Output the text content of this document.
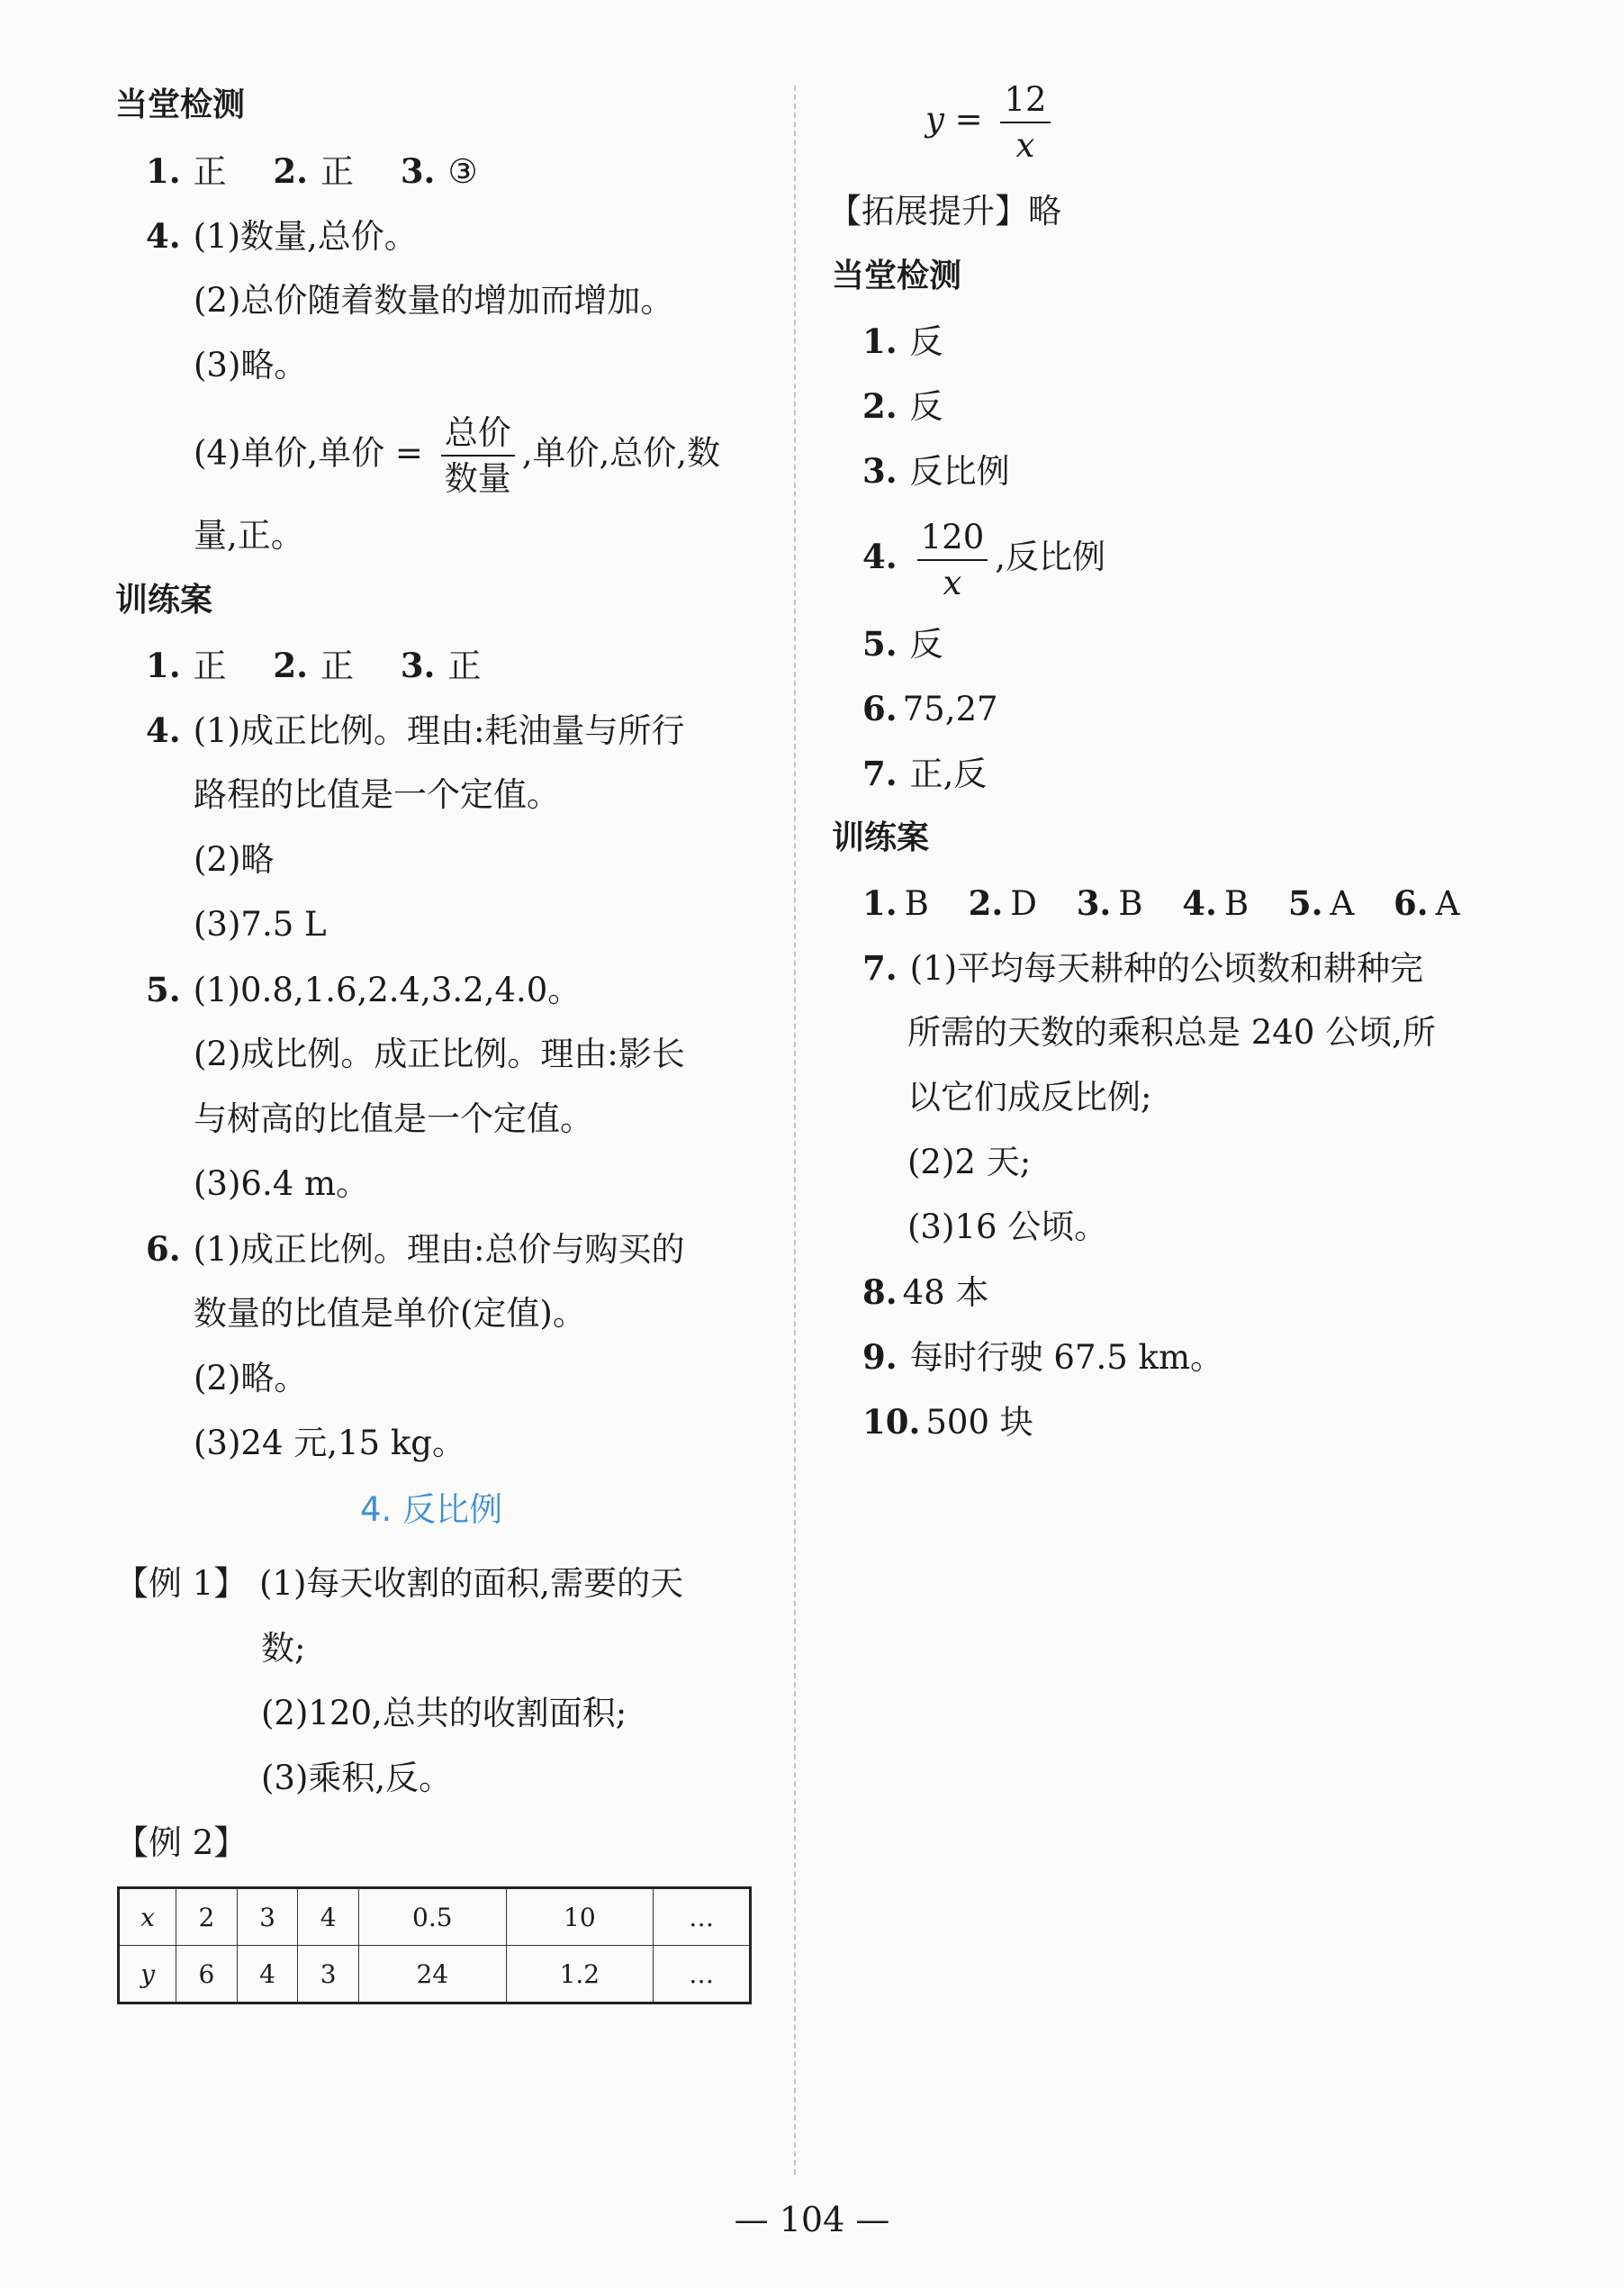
当堂检测
1. 正 2. 正 3. ③
4. (1)数量,总价。
(2)总价随着数量的增加而增加。
(3)略。
(4)单价,单价 = $\frac{\text{总价}}{\text{数量}}$ ,单价,总价,数
量,正。
训练案
1. 正 2. 正 3. 正
4. (1)成正比例。理由:耗油量与所行
路程的比值是一个定值。
(2)略
(3)7.5 L
5. (1)0.8,1.6,2.4,3.2,4.0。
(2)成比例。成正比例。理由:影长
与树高的比值是一个定值。
(3)6.4 m。
6. (1)成正比例。理由:总价与购买的
数量的比值是单价(定值)。
(2)略。
(3)24 元,15 kg。
4. 反比例
【例 1】 (1)每天收割的面积,需要的天
数;
(2)120,总共的收割面积;
(3)乘积,反。
【例 2】
x	2	3	4	0.5	10	…
y	6	4	3	24	1.2	…
$y = \frac{12}{x}$
【拓展提升】略
当堂检测
1. 反
2. 反
3. 反比例
4. $\frac{120}{x}$ ,反比例
5. 反
6. 75,27
7. 正,反
训练案
1. B 2. D 3. B 4. B 5. A 6. A
7. (1)平均每天耕种的公顷数和耕种完
所需的天数的乘积总是 240 公顷,所
以它们成反比例;
(2)2 天;
(3)16 公顷。
8. 48 本
9. 每时行驶 67.5 km。
10. 500 块
— 104 —
